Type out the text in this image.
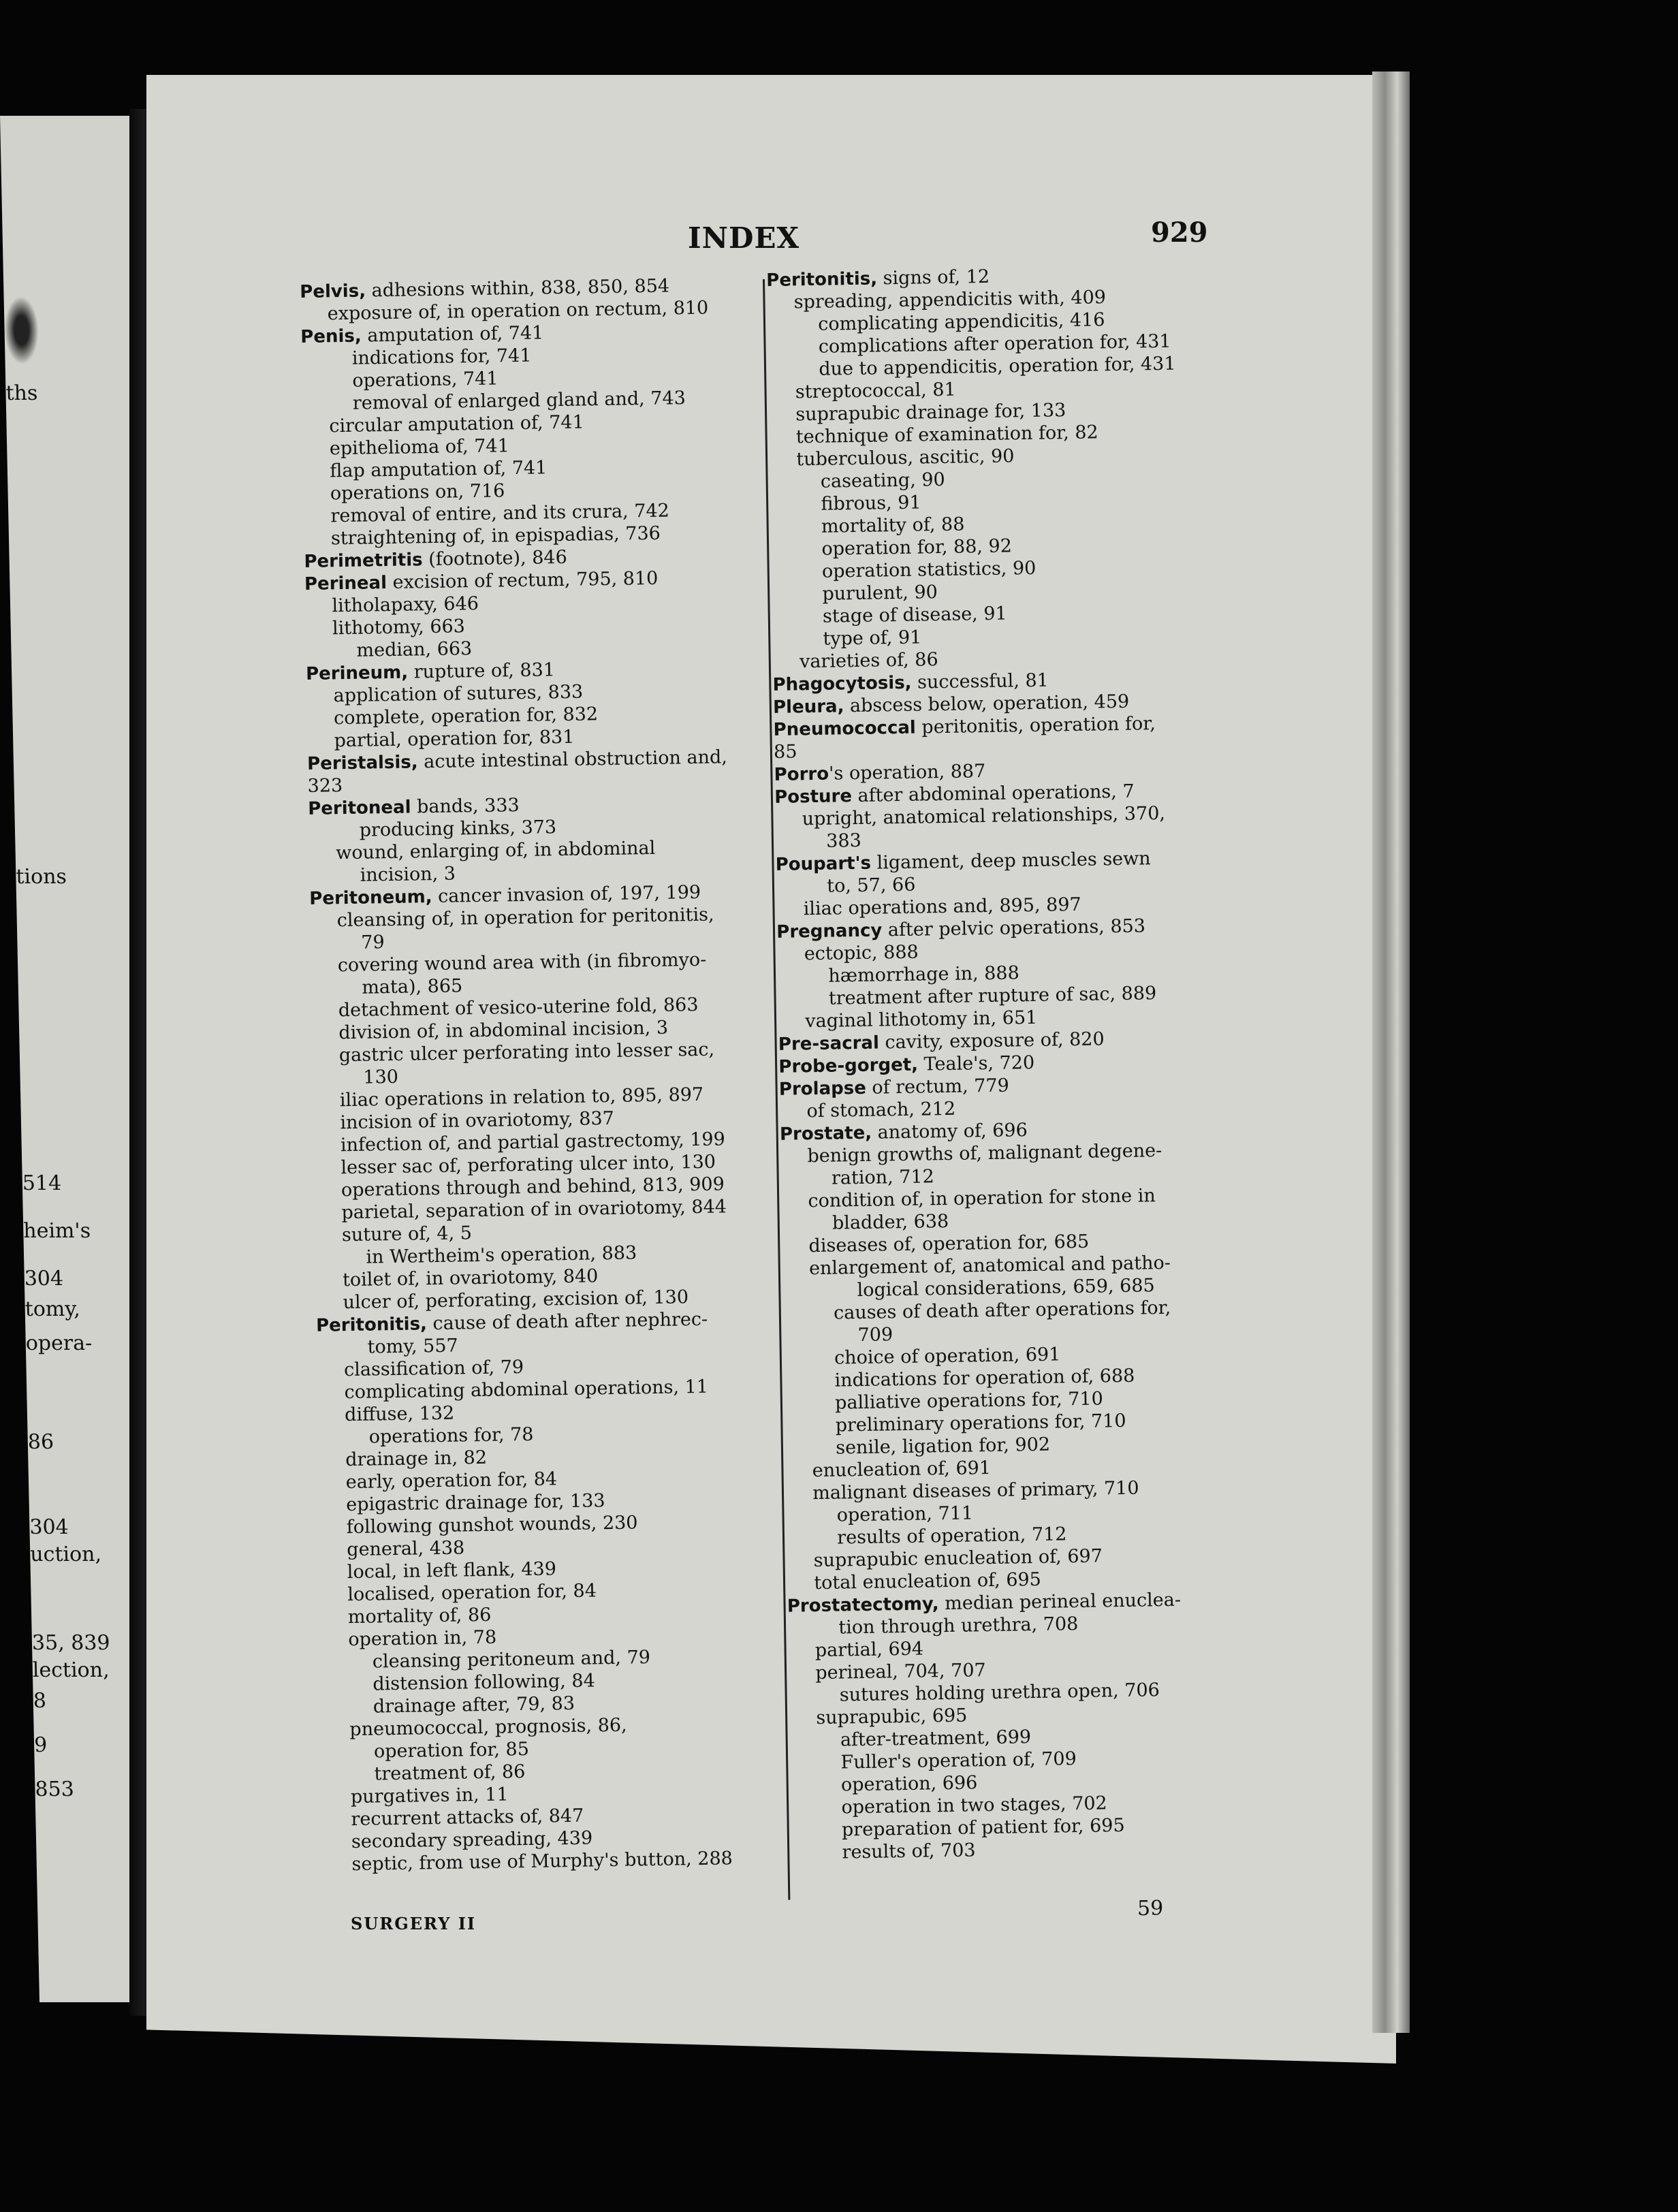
ths
tions
514
heim's
304
tomy,
opera-
86
304
uction,
35, 839
lection,
8
9
853
INDEX	929
Pelvis, adhesions within, 838, 850, 854
exposure of, in operation on rectum, 810
Penis, amputation of, 741
indications for, 741
operations, 741
removal of enlarged gland and, 743
circular amputation of, 741
epithelioma of, 741
flap amputation of, 741
operations on, 716
removal of entire, and its crura, 742
straightening of, in epispadias, 736
Perimetritis (footnote), 846
Perineal excision of rectum, 795, 810
litholapaxy, 646
lithotomy, 663
median, 663
Perineum, rupture of, 831
application of sutures, 833
complete, operation for, 832
partial, operation for, 831
Peristalsis, acute intestinal obstruction and,
323
Peritoneal bands, 333
producing kinks, 373
wound, enlarging of, in abdominal
incision, 3
Peritoneum, cancer invasion of, 197, 199
cleansing of, in operation for peritonitis,
79
covering wound area with (in fibromyo-
mata), 865
detachment of vesico-uterine fold, 863
division of, in abdominal incision, 3
gastric ulcer perforating into lesser sac,
130
iliac operations in relation to, 895, 897
incision of in ovariotomy, 837
infection of, and partial gastrectomy, 199
lesser sac of, perforating ulcer into, 130
operations through and behind, 813, 909
parietal, separation of in ovariotomy, 844
suture of, 4, 5
in Wertheim's operation, 883
toilet of, in ovariotomy, 840
ulcer of, perforating, excision of, 130
Peritonitis, cause of death after nephrec-
tomy, 557
classification of, 79
complicating abdominal operations, 11
diffuse, 132
operations for, 78
drainage in, 82
early, operation for, 84
epigastric drainage for, 133
following gunshot wounds, 230
general, 438
local, in left flank, 439
localised, operation for, 84
mortality of, 86
operation in, 78
cleansing peritoneum and, 79
distension following, 84
drainage after, 79, 83
pneumococcal, prognosis, 86,
operation for, 85
treatment of, 86
purgatives in, 11
recurrent attacks of, 847
secondary spreading, 439
septic, from use of Murphy's button, 288
Peritonitis, signs of, 12
spreading, appendicitis with, 409
complicating appendicitis, 416
complications after operation for, 431
due to appendicitis, operation for, 431
streptococcal, 81
suprapubic drainage for, 133
technique of examination for, 82
tuberculous, ascitic, 90
caseating, 90
fibrous, 91
mortality of, 88
operation for, 88, 92
operation statistics, 90
purulent, 90
stage of disease, 91
type of, 91
varieties of, 86
Phagocytosis, successful, 81
Pleura, abscess below, operation, 459
Pneumococcal peritonitis, operation for,
85
Porro's operation, 887
Posture after abdominal operations, 7
upright, anatomical relationships, 370,
383
Poupart's ligament, deep muscles sewn
to, 57, 66
iliac operations and, 895, 897
Pregnancy after pelvic operations, 853
ectopic, 888
hæmorrhage in, 888
treatment after rupture of sac, 889
vaginal lithotomy in, 651
Pre-sacral cavity, exposure of, 820
Probe-gorget, Teale's, 720
Prolapse of rectum, 779
of stomach, 212
Prostate, anatomy of, 696
benign growths of, malignant degene-
ration, 712
condition of, in operation for stone in
bladder, 638
diseases of, operation for, 685
enlargement of, anatomical and patho-
logical considerations, 659, 685
causes of death after operations for,
709
choice of operation, 691
indications for operation of, 688
palliative operations for, 710
preliminary operations for, 710
senile, ligation for, 902
enucleation of, 691
malignant diseases of primary, 710
operation, 711
results of operation, 712
suprapubic enucleation of, 697
total enucleation of, 695
Prostatectomy, median perineal enuclea-
tion through urethra, 708
partial, 694
perineal, 704, 707
sutures holding urethra open, 706
suprapubic, 695
after-treatment, 699
Fuller's operation of, 709
operation, 696
operation in two stages, 702
preparation of patient for, 695
results of, 703
SURGERY II
59
